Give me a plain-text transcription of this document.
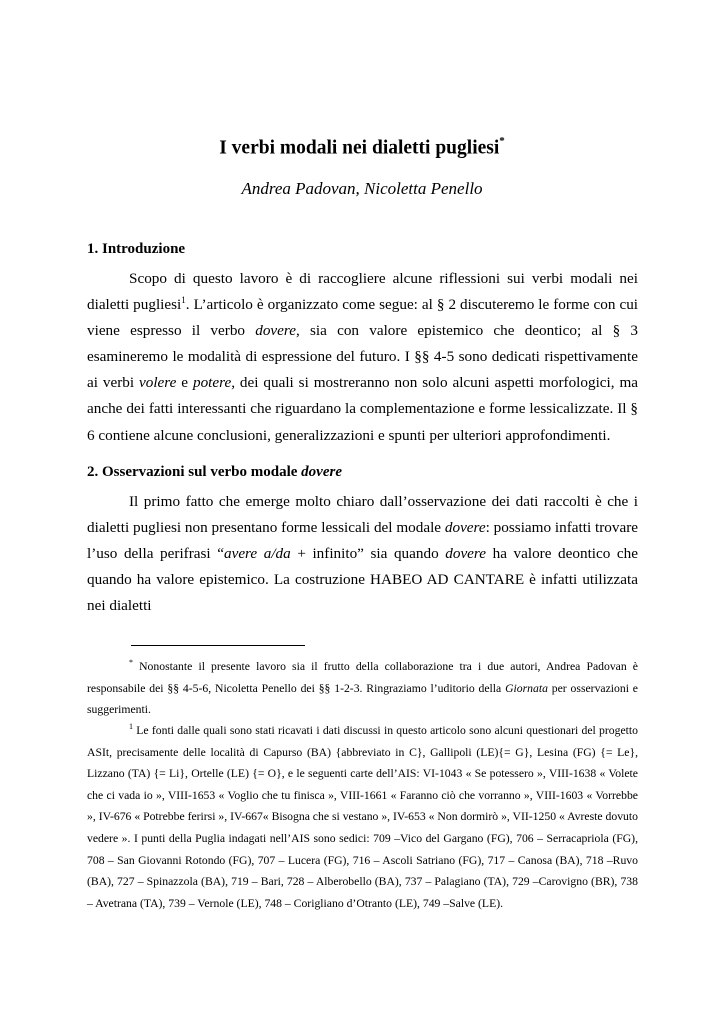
I verbi modali nei dialetti pugliesi*
Andrea Padovan, Nicoletta Penello
1. Introduzione

Scopo di questo lavoro è di raccogliere alcune riflessioni sui verbi modali nei dialetti pugliesi$^1$. L’articolo è organizzato come segue: al § 2 discuteremo le forme con cui viene espresso il verbo dovere, sia con valore epistemico che deontico; al § 3 esamineremo le modalità di espressione del futuro. I §§ 4-5 sono dedicati rispettivamente ai verbi volere e potere, dei quali si mostreranno non solo alcuni aspetti morfologici, ma anche dei fatti interessanti che riguardano la complementazione e forme lessicalizzate. Il § 6 contiene alcune conclusioni, generalizzazioni e spunti per ulteriori approfondimenti.

2. Osservazioni sul verbo modale dovere

Il primo fatto che emerge molto chiaro dall’osservazione dei dati raccolti è che i dialetti pugliesi non presentano forme lessicali del modale dovere: possiamo infatti trovare l’uso della perifrasi “avere a/da + infinito” sia quando dovere ha valore deontico che quando ha valore epistemico. La costruzione HABEO AD CANTARE è infatti utilizzata nei dialetti

* Nonostante il presente lavoro sia il frutto della collaborazione tra i due autori, Andrea Padovan è responsabile dei §§ 4-5-6, Nicoletta Penello dei §§ 1-2-3. Ringraziamo l’uditorio della Giornata per osservazioni e suggerimenti.

$^1$ Le fonti dalle quali sono stati ricavati i dati discussi in questo articolo sono alcuni questionari del progetto ASIt, precisamente delle località di Capurso (BA) {abbreviato in C}, Gallipoli (LE){= G}, Lesina (FG) {= Le}, Lizzano (TA) {= Li}, Ortelle (LE) {= O}, e le seguenti carte dell’AIS: VI-1043 « Se potessero », VIII-1638 « Volete che ci vada io », VIII-1653 « Voglio che tu finisca », VIII-1661 « Faranno ciò che vorranno », VIII-1603 « Vorrebbe », IV-676 « Potrebbe ferirsi », IV-667« Bisogna che si vestano », IV-653 « Non dormirò », VII-1250 « Avreste dovuto vedere ». I punti della Puglia indagati nell’AIS sono sedici: 709 –Vico del Gargano (FG), 706 – Serracapriola (FG), 708 – San Giovanni Rotondo (FG), 707 – Lucera (FG), 716 – Ascoli Satriano (FG), 717 – Canosa (BA), 718 –Ruvo (BA), 727 – Spinazzola (BA), 719 – Bari, 728 – Alberobello (BA), 737 – Palagiano (TA), 729 –Carovigno (BR), 738 – Avetrana (TA), 739 – Vernole (LE), 748 – Corigliano d’Otranto (LE), 749 –Salve (LE).
